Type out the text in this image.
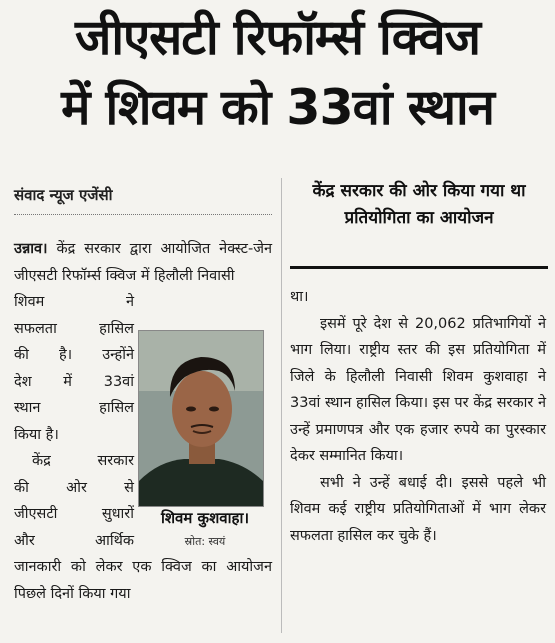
जीएसटी रिफॉर्म्स क्विज
में शिवम को 33वां स्थान
संवाद न्यूज एजेंसी	केंद्र सरकार की ओर किया गया था प्रतियोगिता का आयोजन

उन्नाव। केंद्र सरकार द्वारा आयोजित नेक्स्ट-जेन जीएसटी रिफॉर्म्स क्विज में हिलौली निवासी
शिवम ने
सफलता हासिल
की है। उन्होंने
देश में 33वां
स्थान हासिल
किया है।

केंद्र सरकार
की ओर से
जीएसटी सुधारों
और आर्थिक
जानकारी को लेकर एक क्विज का आयोजन पिछले दिनों किया गया

शिवम कुशवाहा।
स्रोत: स्वयं

था।

इसमें पूरे देश से 20,062 प्रतिभागियों ने भाग लिया। राष्ट्रीय स्तर की इस प्रतियोगिता में जिले के हिलौली निवासी शिवम कुशवाहा ने 33वां स्थान हासिल किया। इस पर केंद्र सरकार ने उन्हें प्रमाणपत्र और एक हजार रुपये का पुरस्कार देकर सम्मानित किया।

सभी ने उन्हें बधाई दी। इससे पहले भी शिवम कई राष्ट्रीय प्रतियोगिताओं में भाग लेकर सफलता हासिल कर चुके हैं।
